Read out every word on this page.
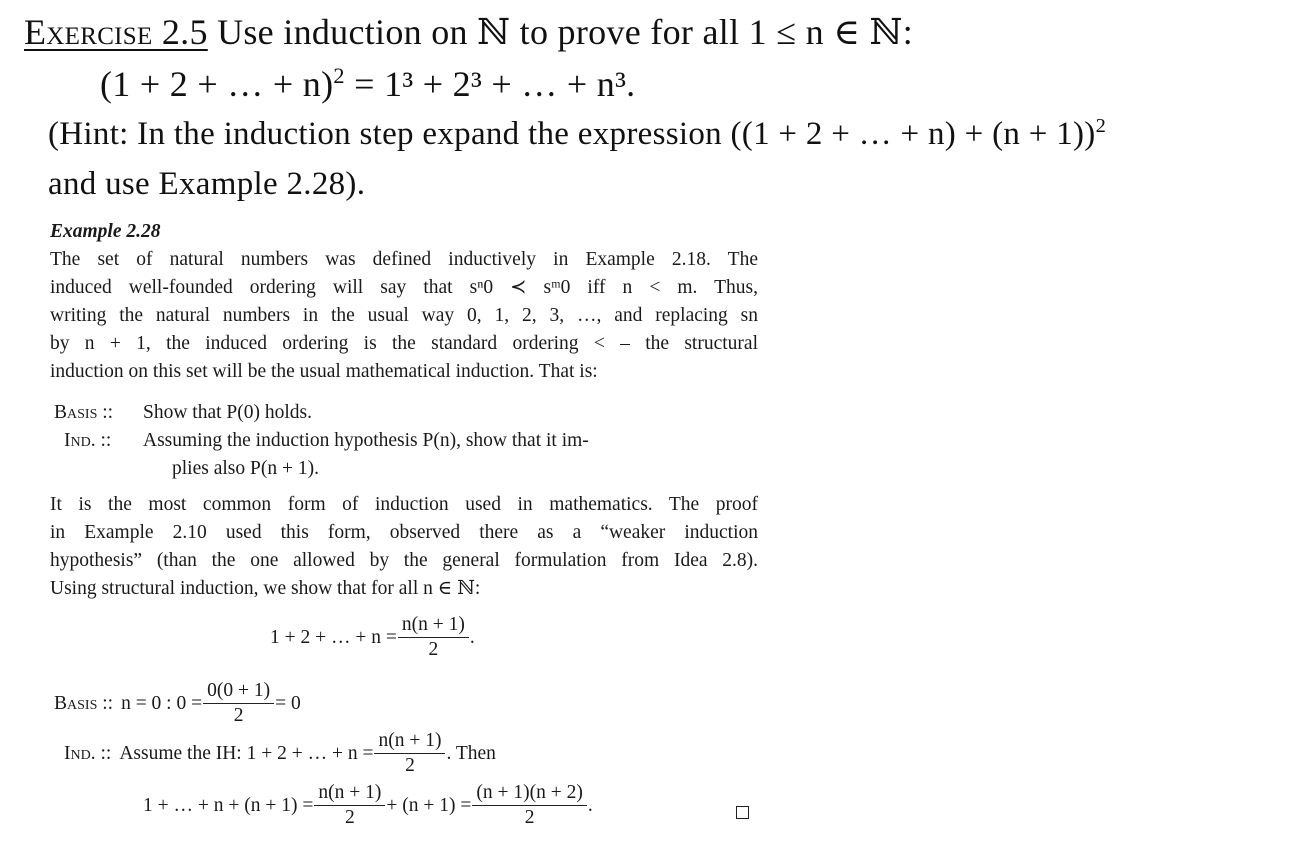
Exercise 2.5 Use induction on ℕ to prove for all 1 ≤ n ∈ ℕ:
(1 + 2 + … + n)$^2$ = 1³ + 2³ + … + n³.
(Hint: In the induction step expand the expression ((1 + 2 + … + n) + (n + 1))$^2$
and use Example 2.28).
Example 2.28
The set of natural numbers was defined inductively in Example 2.18. The
induced well-founded ordering will say that sⁿ0 ≺ sᵐ0 iff n < m. Thus,
writing the natural numbers in the usual way 0, 1, 2, 3, …, and replacing sn
by n + 1, the induced ordering is the standard ordering < – the structural
induction on this set will be the usual mathematical induction. That is:
Basis :: Show that P(0) holds.
Ind. :: Assuming the induction hypothesis P(n), show that it im-
plies also P(n + 1).
It is the most common form of induction used in mathematics. The proof
in Example 2.10 used this form, observed there as a “weaker induction
hypothesis” (than the one allowed by the general formulation from Idea 2.8).
Using structural induction, we show that for all n ∈ ℕ:
1 + 2 + … + $n = \frac{n(n + 1)}{2}$ .
Basis :: n = 0 : $0 = \frac{0(0 + 1)}{2} = 0$
Ind. :: Assume the IH: 1 + 2 + … + $n = \frac{n(n + 1)}{2}$ . Then
1 + … + $n + (n + 1) = \frac{n(n + 1)}{2} + (n + 1) = \frac{(n + 1)(n + 2)}{2}$ .
